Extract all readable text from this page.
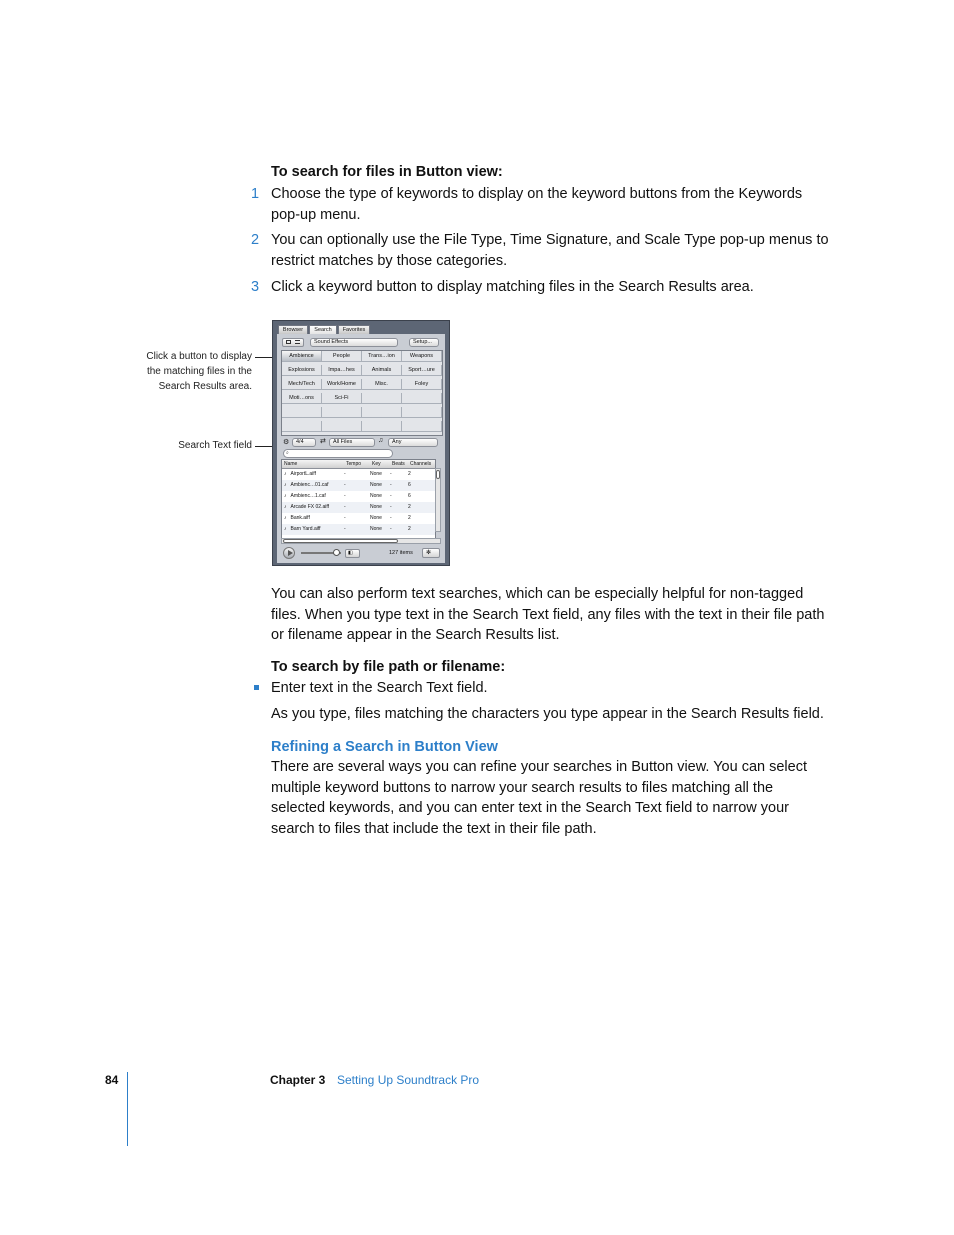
To search for files in Button view:
1 Choose the type of keywords to display on the keyword buttons from the Keywords
pop-up menu.
2 You can optionally use the File Type, Time Signature, and Scale Type pop-up menus to
restrict matches by those categories.
3 Click a keyword button to display matching files in the Search Results area.
Click a button to display
the matching files in the
Search Results area.
Search Text field
Browser	Search	Favorites
Sound Effects	Setup...
Ambience	People	Trans…ion	Weapons
Explosions	Impa…hes	Animals	Sport…ure
Mech/Tech	Work/Home	Misc.	Foley
Moti…ons	Sci-Fi
⚙	4/4	⇄	All Files	♫	Any
⌕
Name	Tempo	Key	Beats	Channels
♪ AirportL.aiff	-	None	-	2
♪ Ambienc…01.caf	-	None	-	6
♪ Ambienc…1.caf	-	None	-	6
♪ Arcade FX 02.aiff	-	None	-	2
♪ Bank.aiff	-	None	-	2
♪ Barn Yard.aiff	-	None	-	2
◧	127 items ✻
You can also perform text searches, which can be especially helpful for non-tagged
files. When you type text in the Search Text field, any files with the text in their file path
or filename appear in the Search Results list.
To search by file path or filename:
Enter text in the Search Text field.
As you type, files matching the characters you type appear in the Search Results field.
Refining a Search in Button View
There are several ways you can refine your searches in Button view. You can select
multiple keyword buttons to narrow your search results to files matching all the
selected keywords, and you can enter text in the Search Text field to narrow your
search to files that include the text in their file path.
84	Chapter 3 Setting Up Soundtrack Pro
